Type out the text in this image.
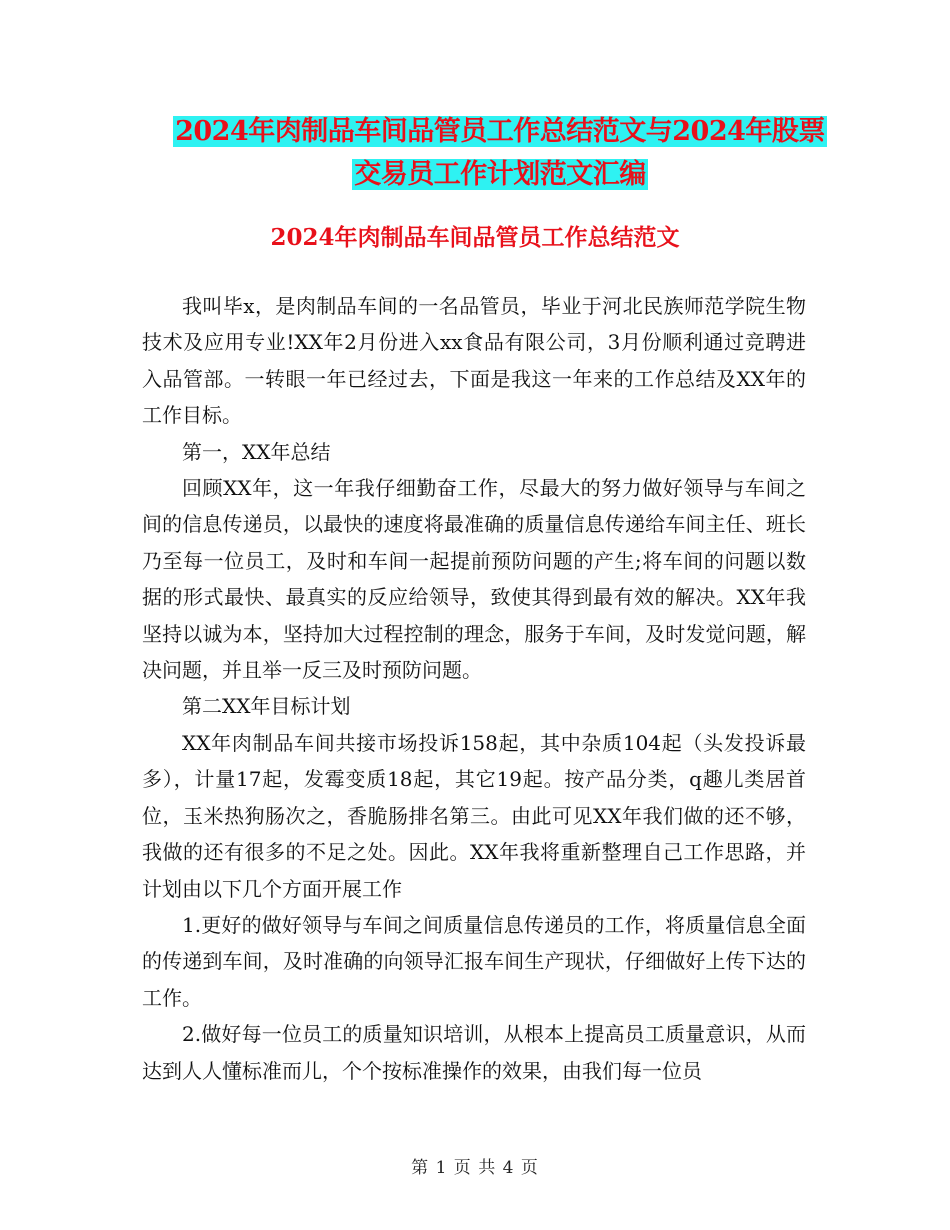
2024年肉制品车间品管员工作总结范文与2024年股票
交易员工作计划范文汇编
2024年肉制品车间品管员工作总结范文

我叫毕x，是肉制品车间的一名品管员，毕业于河北民族师范学院生物技术及应用专业!XX年2月份进入xx食品有限公司，3月份顺利通过竞聘进入品管部。一转眼一年已经过去，下面是我这一年来的工作总结及XX年的工作目标。

第一，XX年总结

回顾XX年，这一年我仔细勤奋工作，尽最大的努力做好领导与车间之间的信息传递员，以最快的速度将最准确的质量信息传递给车间主任、班长乃至每一位员工，及时和车间一起提前预防问题的产生;将车间的问题以数据的形式最快、最真实的反应给领导，致使其得到最有效的解决。XX年我坚持以诚为本，坚持加大过程控制的理念，服务于车间，及时发觉问题，解决问题，并且举一反三及时预防问题。

第二XX年目标计划

XX年肉制品车间共接市场投诉158起，其中杂质104起（头发投诉最多），计量17起，发霉变质18起，其它19起。按产品分类，q趣儿类居首位，玉米热狗肠次之，香脆肠排名第三。由此可见XX年我们做的还不够，我做的还有很多的不足之处。因此。XX年我将重新整理自己工作思路，并计划由以下几个方面开展工作

1.更好的做好领导与车间之间质量信息传递员的工作，将质量信息全面的传递到车间，及时准确的向领导汇报车间生产现状，仔细做好上传下达的工作。

2.做好每一位员工的质量知识培训，从根本上提高员工质量意识，从而达到人人懂标准而儿，个个按标准操作的效果，由我们每一位员

第 1 页 共 4 页
